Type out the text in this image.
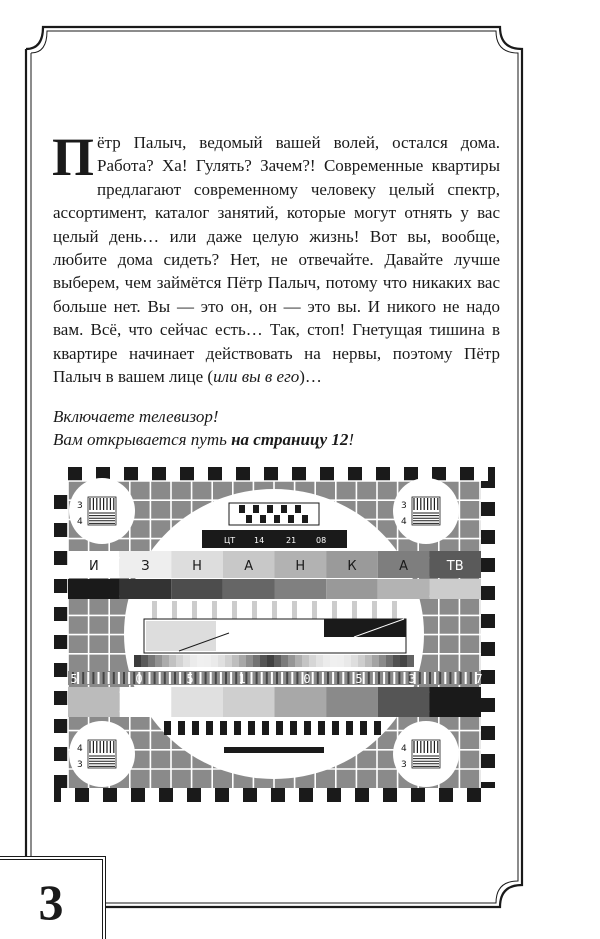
Пётр Палыч, ведомый вашей волей, остался дома. Работа? Ха! Гулять? Зачем?! Современные квартиры предлагают современному человеку целый спектр, ассортимент, каталог занятий, которые могут отнять у вас целый день… или даже целую жизнь! Вот вы, вообще, любите дома сидеть? Нет, не отвечайте. Давайте лучше выберем, чем займётся Пётр Палыч, потому что никаких вас больше нет. Вы — это он, он — это вы. И никого не надо вам. Всё, что сейчас есть… Так, стоп! Гнетущая тишина в квартире начинает действовать на нервы, поэтому Пётр Палыч в вашем лице (или вы в его)…

Включаете телевизор!
Вам открывается путь на страницу 12!
3
4
3
4
4
3
4
3
ЦТ 14	21 08
И	З	Н	А	Н	К	А	ТВ
5	0	5	1	0	5	3	7
3
